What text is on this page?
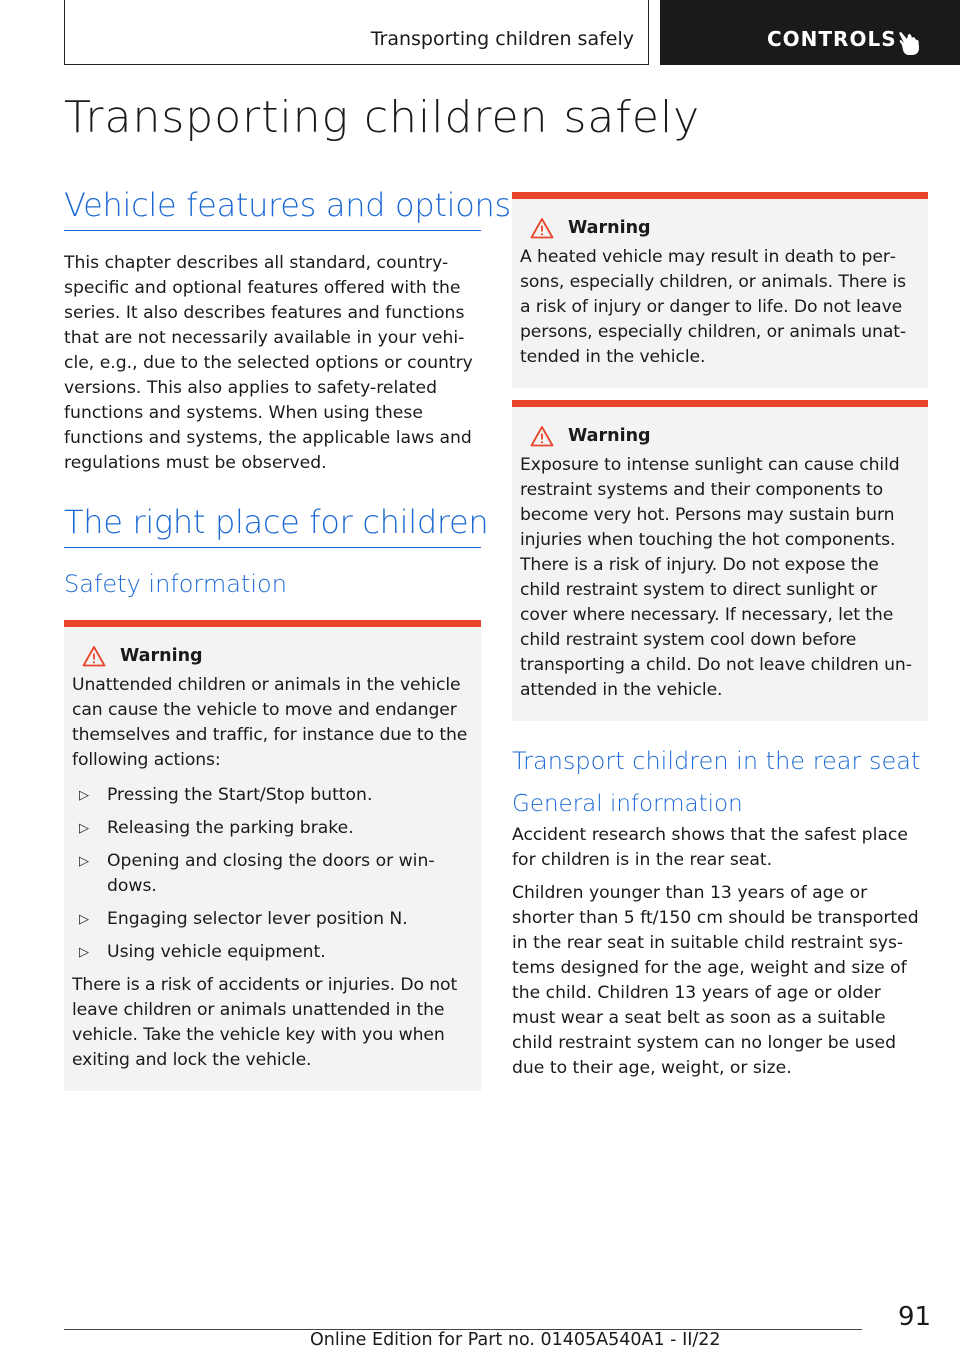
Transporting children safely	CONTROLS
Transporting children safely
Vehicle features and options

This chapter describes all standard, country-specific and optional features offered with the series. It also describes features and functions that are not necessarily available in your vehicle, e.g., due to the selected options or country versions. This also applies to safety-related functions and systems. When using these functions and systems, the applicable laws and regulations must be observed.

The right place for children
Safety information
Warning

Unattended children or animals in the vehicle can cause the vehicle to move and endanger themselves and traffic, for instance due to the following actions:

▷ Pressing the Start/Stop button.
▷ Releasing the parking brake.
▷ Opening and closing the doors or windows.
▷ Engaging selector lever position N.
▷ Using vehicle equipment.

There is a risk of accidents or injuries. Do not leave children or animals unattended in the vehicle. Take the vehicle key with you when exiting and lock the vehicle.

Warning

A heated vehicle may result in death to persons, especially children, or animals. There is a risk of injury or danger to life. Do not leave persons, especially children, or animals unattended in the vehicle.

Warning

Exposure to intense sunlight can cause child restraint systems and their components to become very hot. Persons may sustain burn injuries when touching the hot components. There is a risk of injury. Do not expose the child restraint system to direct sunlight or cover where necessary. If necessary, let the child restraint system cool down before transporting a child. Do not leave children unattended in the vehicle.

Transport children in the rear seat
General information

Accident research shows that the safest place for children is in the rear seat.

Children younger than 13 years of age or shorter than 5 ft/150 cm should be transported in the rear seat in suitable child restraint systems designed for the age, weight and size of the child. Children 13 years of age or older must wear a seat belt as soon as a suitable child restraint system can no longer be used due to their age, weight, or size.

91
Online Edition for Part no. 01405A540A1 - II/22
